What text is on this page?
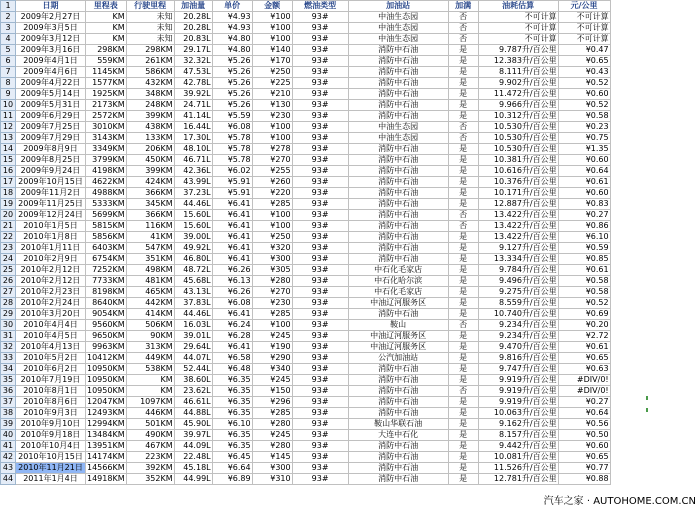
1	日期	里程表	行驶里程	加油量	单价	金额	燃油类型	加油站	加满	油耗估算	元/公里
2	2009年2月27日	KM	未知	20.28L	¥4.93	¥100	93#	中油生态园	否	不可计算	不可计算
3	2009年3月5日	KM	未知	20.28L	¥4.93	¥100	93#	中油生态园	否	不可计算	不可计算
4	2009年3月12日	KM	未知	20.83L	¥4.80	¥100	93#	中油生态园	否	不可计算	不可计算
5	2009年3月16日	298KM	298KM	29.17L	¥4.80	¥140	93#	消防中石油	是	9.787升/百公里	¥0.47
6	2009年4月1日	559KM	261KM	32.32L	¥5.26	¥170	93#	消防中石油	是	12.383升/百公里	¥0.65
7	2009年4月6日	1145KM	586KM	47.53L	¥5.26	¥250	93#	消防中石油	是	8.111升/百公里	¥0.43
8	2009年4月22日	1577KM	432KM	42.78L	¥5.26	¥225	93#	消防中石油	是	9.902升/百公里	¥0.52
9	2009年5月14日	1925KM	348KM	39.92L	¥5.26	¥210	93#	消防中石油	是	11.472升/百公里	¥0.60
10	2009年5月31日	2173KM	248KM	24.71L	¥5.26	¥130	93#	消防中石油	是	9.966升/百公里	¥0.52
11	2009年6月29日	2572KM	399KM	41.14L	¥5.59	¥230	93#	消防中石油	是	10.312升/百公里	¥0.58
12	2009年7月25日	3010KM	438KM	16.44L	¥6.08	¥100	93#	中油生态园	否	10.530升/百公里	¥0.23
13	2009年7月29日	3143KM	133KM	17.30L	¥5.78	¥100	93#	中油生态园	否	10.530升/百公里	¥0.75
14	2009年8月9日	3349KM	206KM	48.10L	¥5.78	¥278	93#	消防中石油	是	10.530升/百公里	¥1.35
15	2009年8月25日	3799KM	450KM	46.71L	¥5.78	¥270	93#	消防中石油	是	10.381升/百公里	¥0.60
16	2009年9月24日	4198KM	399KM	42.36L	¥6.02	¥255	93#	消防中石油	是	10.616升/百公里	¥0.64
17	2009年10月15日	4622KM	424KM	43.99L	¥5.91	¥260	93#	消防中石油	是	10.376升/百公里	¥0.61
18	2009年11月2日	4988KM	366KM	37.23L	¥5.91	¥220	93#	消防中石油	是	10.171升/百公里	¥0.60
19	2009年11月25日	5333KM	345KM	44.46L	¥6.41	¥285	93#	消防中石油	是	12.887升/百公里	¥0.83
20	2009年12月24日	5699KM	366KM	15.60L	¥6.41	¥100	93#	消防中石油	否	13.422升/百公里	¥0.27
21	2010年1月5日	5815KM	116KM	15.60L	¥6.41	¥100	93#	消防中石油	否	13.422升/百公里	¥0.86
22	2010年1月8日	5856KM	41KM	39.00L	¥6.41	¥250	93#	消防中石油	是	13.422升/百公里	¥6.10
23	2010年1月11日	6403KM	547KM	49.92L	¥6.41	¥320	93#	消防中石油	是	9.127升/百公里	¥0.59
24	2010年2月9日	6754KM	351KM	46.80L	¥6.41	¥300	93#	消防中石油	是	13.334升/百公里	¥0.85
25	2010年2月12日	7252KM	498KM	48.72L	¥6.26	¥305	93#	中石化毛家店	是	9.784升/百公里	¥0.61
26	2010年2月12日	7733KM	481KM	45.68L	¥6.13	¥280	93#	中石化哈尔滨	是	9.496升/百公里	¥0.58
27	2010年2月23日	8198KM	465KM	43.13L	¥6.26	¥270	93#	中石化毛家店	是	9.275升/百公里	¥0.58
28	2010年2月24日	8640KM	442KM	37.83L	¥6.08	¥230	93#	中油辽河服务区	是	8.559升/百公里	¥0.52
29	2010年3月20日	9054KM	414KM	44.46L	¥6.41	¥285	93#	消防中石油	是	10.740升/百公里	¥0.69
30	2010年4月4日	9560KM	506KM	16.03L	¥6.24	¥100	93#	鞍山	否	9.234升/百公里	¥0.20
31	2010年4月5日	9650KM	90KM	39.01L	¥6.28	¥245	93#	中油辽河服务区	是	9.234升/百公里	¥2.72
32	2010年4月13日	9963KM	313KM	29.64L	¥6.41	¥190	93#	中油辽河服务区	是	9.470升/百公里	¥0.61
33	2010年5月2日	10412KM	449KM	44.07L	¥6.58	¥290	93#	公汽加油站	是	9.816升/百公里	¥0.65
34	2010年6月2日	10950KM	538KM	52.44L	¥6.48	¥340	93#	消防中石油	是	9.747升/百公里	¥0.63
35	2010年7月19日	10950KM	KM	38.60L	¥6.35	¥245	93#	消防中石油	是	9.919升/百公里	#DIV/0!
36	2010年8月1日	10950KM	KM	23.62L	¥6.35	¥150	93#	消防中石油	否	9.919升/百公里	#DIV/0!
37	2010年8月6日	12047KM	1097KM	46.61L	¥6.35	¥296	93#	消防中石油	是	9.919升/百公里	¥0.27
38	2010年9月3日	12493KM	446KM	44.88L	¥6.35	¥285	93#	消防中石油	是	10.063升/百公里	¥0.64
39	2010年9月10日	12994KM	501KM	45.90L	¥6.10	¥280	93#	鞍山华联石油	是	9.162升/百公里	¥0.56
40	2010年9月18日	13484KM	490KM	39.97L	¥6.35	¥245	93#	大连中石化	是	8.157升/百公里	¥0.50
41	2010年10月4日	13951KM	467KM	44.09L	¥6.35	¥280	93#	消防中石油	是	9.442升/百公里	¥0.60
42	2010年10月15日	14174KM	223KM	22.48L	¥6.45	¥145	93#	消防中石油	是	10.081升/百公里	¥0.65
43	2010年11月21日	14566KM	392KM	45.18L	¥6.64	¥300	93#	消防中石油	是	11.526升/百公里	¥0.77
44	2011年1月4日	14918KM	352KM	44.99L	¥6.89	¥310	93#	消防中石油	是	12.781升/百公里	¥0.88
汽车之家 · AUTOHOME.COM.CN
